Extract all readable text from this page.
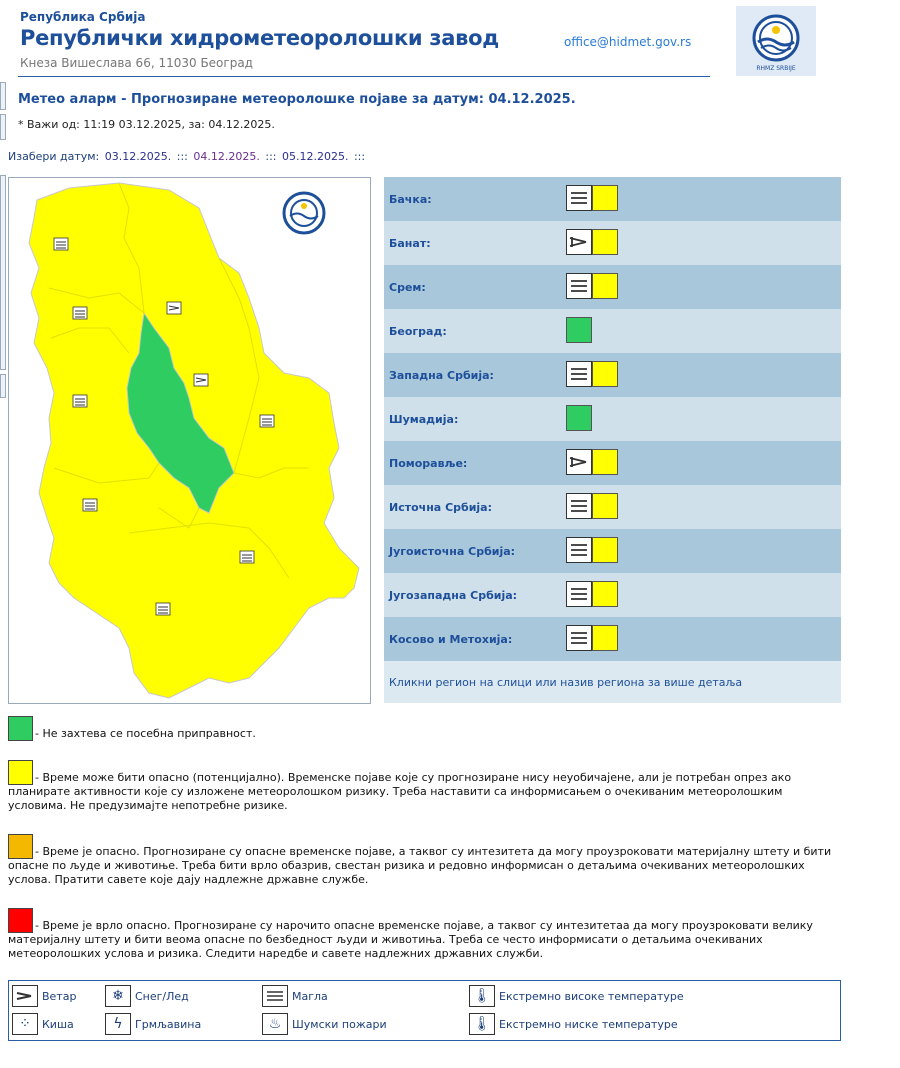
Република Србија
Републички хидрометеоролошки завод
Кнеза Вишеслава 66, 11030 Београд
office@hidmet.gov.rs
RHMZ SRBIJE
Метео аларм - Прогнозиране метеоролошке појаве за датум: 04.12.2025.
* Важи од: 11:19 03.12.2025, за: 04.12.2025.
Изабери датум: 03.12.2025. ::: 04.12.2025. ::: 05.12.2025. :::
Бачка:
Банат:
Срем:
Београд:
Западна Србија:
Шумадија:
Поморавље:
Источна Србија:
Југоисточна Србија:
Југозападна Србија:
Косово и Метохија:
Кликни регион на слици или назив региона за више детаља
- Не захтева се посебна приправност.
- Време може бити опасно (потенцијално). Временске појаве које су прогнозиране нису неуобичајене, али је потребан опрез ако планирате активности које су изложене метеоролошком ризику. Треба наставити са информисањем о очекиваним метеоролошким условима. Не предузимајте непотребне ризике.
- Време је опасно. Прогнозиране су опасне временске појаве, а таквог су интезитета да могу проузроковати материјалну штету и бити опасне по људе и животиње. Треба бити врло обазрив, свестан ризика и редовно информисан о детаљима очекиваних метеоролошких услова. Пратити савете које дају надлежне државне службе.
- Време је врло опасно. Прогнозиране су нарочито опасне временске појаве, а таквог су интезитетаа да могу проузроковати велику материјалну штету и бити веома опасне по безбедност људи и животиња. Треба се често информисати о детаљима очекиваних метеоролошких услова и ризика. Следити наредбе и савете надлежних државних служби.
Ветар	❄	Снег/Лед	Магла	🌡 Екстремно високе температуре
⁘	Киша	ϟ	Грмљавина	♨ Шумски пожари	🌡 Екстремно ниске температуре
